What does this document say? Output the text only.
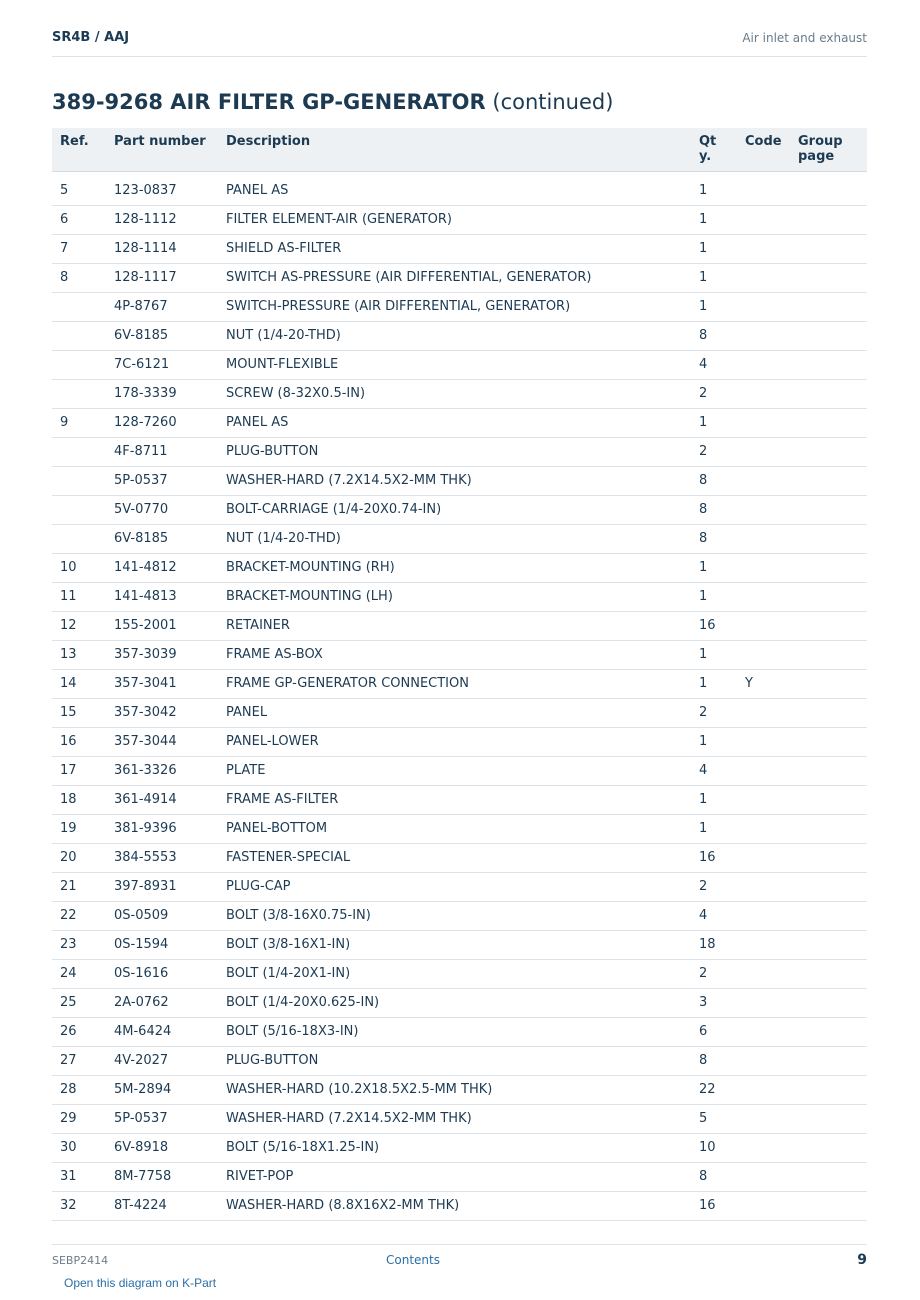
SR4B / AAJ	Air inlet and exhaust
389-9268 AIR FILTER GP-GENERATOR (continued)
Ref.	Part number	Description	Qty.	Code	Group page
5	123-0837	PANEL AS	1		
6	128-1112	FILTER ELEMENT-AIR (GENERATOR)	1		
7	128-1114	SHIELD AS-FILTER	1		
8	128-1117	SWITCH AS-PRESSURE (AIR DIFFERENTIAL, GENERATOR)	1		
	4P-8767	SWITCH-PRESSURE (AIR DIFFERENTIAL, GENERATOR)	1		
	6V-8185	NUT (1/4-20-THD)	8		
	7C-6121	MOUNT-FLEXIBLE	4		
	178-3339	SCREW (8-32X0.5-IN)	2		
9	128-7260	PANEL AS	1		
	4F-8711	PLUG-BUTTON	2		
	5P-0537	WASHER-HARD (7.2X14.5X2-MM THK)	8		
	5V-0770	BOLT-CARRIAGE (1/4-20X0.74-IN)	8		
	6V-8185	NUT (1/4-20-THD)	8		
10	141-4812	BRACKET-MOUNTING (RH)	1		
11	141-4813	BRACKET-MOUNTING (LH)	1		
12	155-2001	RETAINER	16		
13	357-3039	FRAME AS-BOX	1		
14	357-3041	FRAME GP-GENERATOR CONNECTION	1	Y	
15	357-3042	PANEL	2		
16	357-3044	PANEL-LOWER	1		
17	361-3326	PLATE	4		
18	361-4914	FRAME AS-FILTER	1		
19	381-9396	PANEL-BOTTOM	1		
20	384-5553	FASTENER-SPECIAL	16		
21	397-8931	PLUG-CAP	2		
22	0S-0509	BOLT (3/8-16X0.75-IN)	4		
23	0S-1594	BOLT (3/8-16X1-IN)	18		
24	0S-1616	BOLT (1/4-20X1-IN)	2		
25	2A-0762	BOLT (1/4-20X0.625-IN)	3		
26	4M-6424	BOLT (5/16-18X3-IN)	6		
27	4V-2027	PLUG-BUTTON	8		
28	5M-2894	WASHER-HARD (10.2X18.5X2.5-MM THK)	22		
29	5P-0537	WASHER-HARD (7.2X14.5X2-MM THK)	5		
30	6V-8918	BOLT (5/16-18X1.25-IN)	10		
31	8M-7758	RIVET-POP	8		
32	8T-4224	WASHER-HARD (8.8X16X2-MM THK)	16		
SEBP2414	Contents	9
Open this diagram on K-Part
